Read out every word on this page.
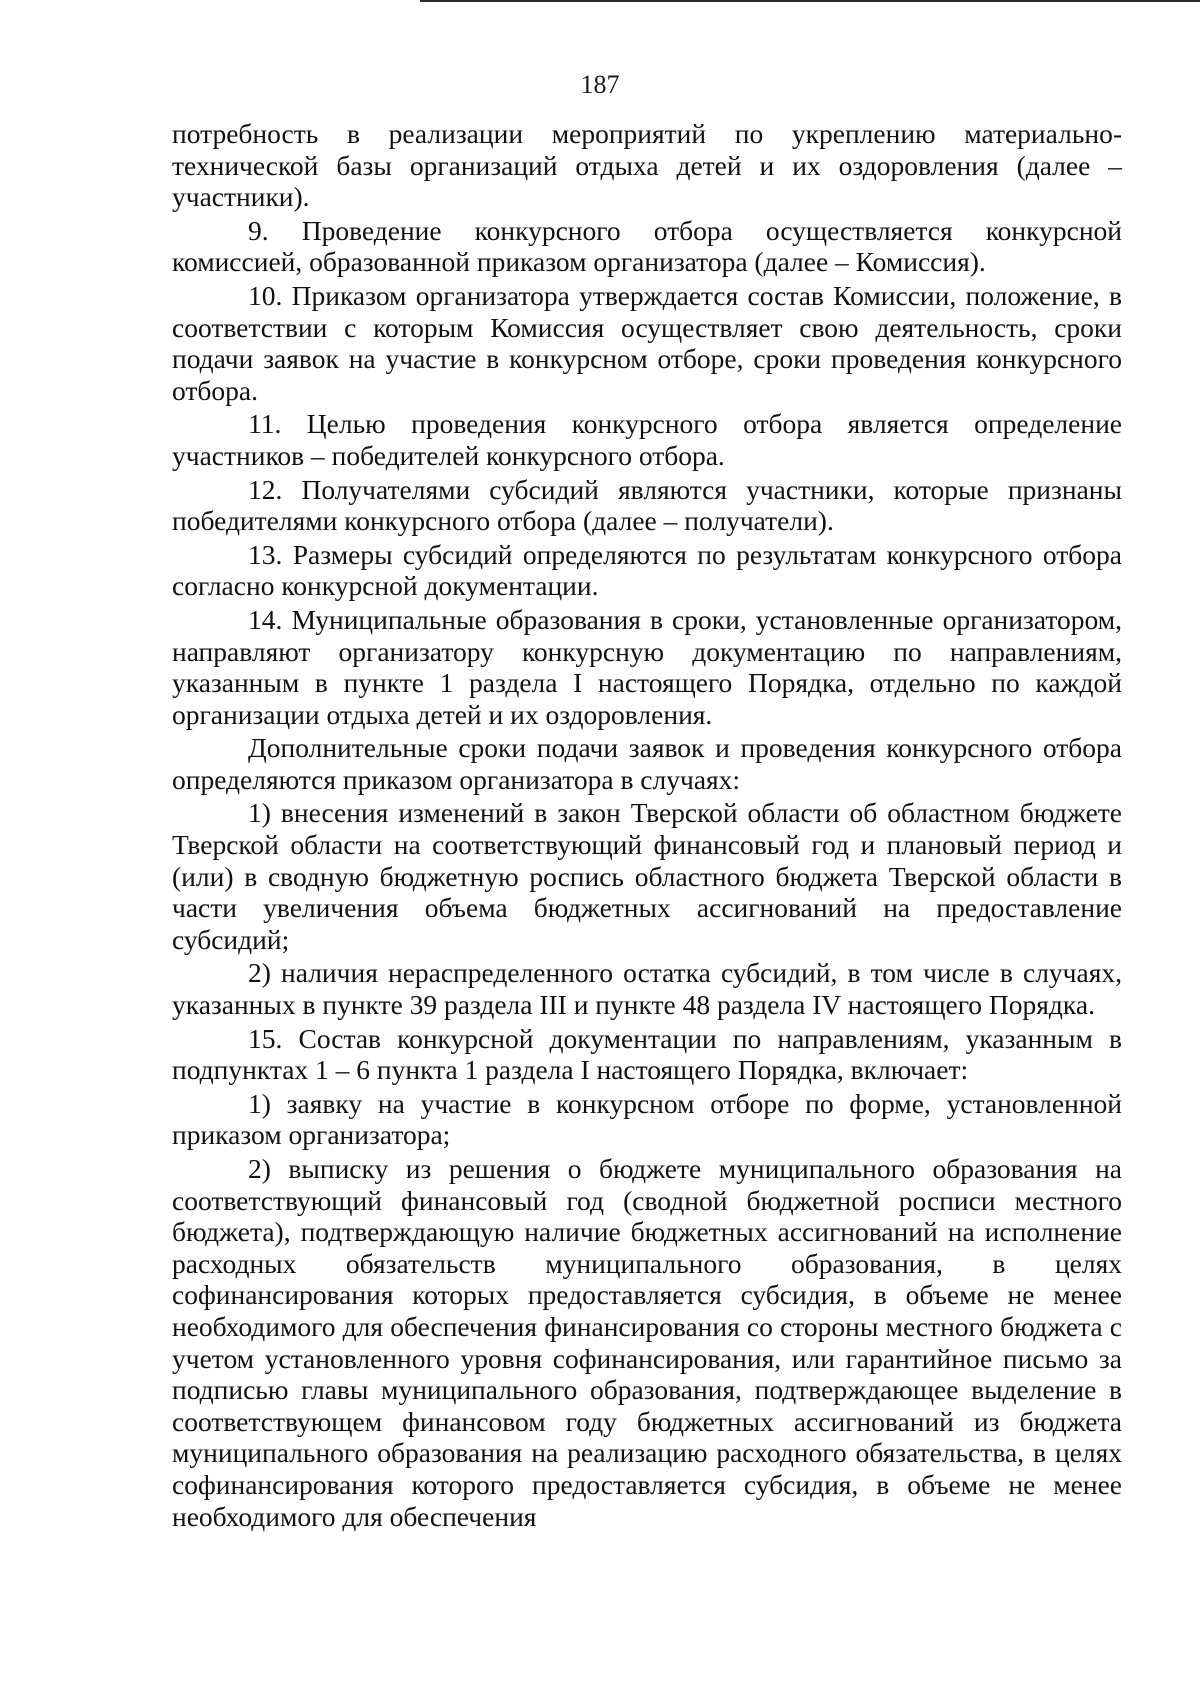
187

потребность в реализации мероприятий по укреплению материально-технической базы организаций отдыха детей и их оздоровления (далее – участники).

9. Проведение конкурсного отбора осуществляется конкурсной комиссией, образованной приказом организатора (далее – Комиссия).

10. Приказом организатора утверждается состав Комиссии, положение, в соответствии с которым Комиссия осуществляет свою деятельность, сроки подачи заявок на участие в конкурсном отборе, сроки проведения конкурсного отбора.

11. Целью проведения конкурсного отбора является определение участников – победителей конкурсного отбора.

12. Получателями субсидий являются участники, которые признаны победителями конкурсного отбора (далее – получатели).

13. Размеры субсидий определяются по результатам конкурсного отбора согласно конкурсной документации.

14. Муниципальные образования в сроки, установленные организатором, направляют организатору конкурсную документацию по направлениям, указанным в пункте 1 раздела I настоящего Порядка, отдельно по каждой организации отдыха детей и их оздоровления.

Дополнительные сроки подачи заявок и проведения конкурсного отбора определяются приказом организатора в случаях:

1) внесения изменений в закон Тверской области об областном бюджете Тверской области на соответствующий финансовый год и плановый период и (или) в сводную бюджетную роспись областного бюджета Тверской области в части увеличения объема бюджетных ассигнований на предоставление субсидий;

2) наличия нераспределенного остатка субсидий, в том числе в случаях, указанных в пункте 39 раздела III и пункте 48 раздела IV настоящего Порядка.

15. Состав конкурсной документации по направлениям, указанным в подпунктах 1 – 6 пункта 1 раздела I настоящего Порядка, включает:

1) заявку на участие в конкурсном отборе по форме, установленной приказом организатора;

2) выписку из решения о бюджете муниципального образования на соответствующий финансовый год (сводной бюджетной росписи местного бюджета), подтверждающую наличие бюджетных ассигнований на исполнение расходных обязательств муниципального образования, в целях софинансирования которых предоставляется субсидия, в объеме не менее необходимого для обеспечения финансирования со стороны местного бюджета с учетом установленного уровня софинансирования, или гарантийное письмо за подписью главы муниципального образования, подтверждающее выделение в соответствующем финансовом году бюджетных ассигнований из бюджета муниципального образования на реализацию расходного обязательства, в целях софинансирования которого предоставляется субсидия, в объеме не менее необходимого для обеспечения
